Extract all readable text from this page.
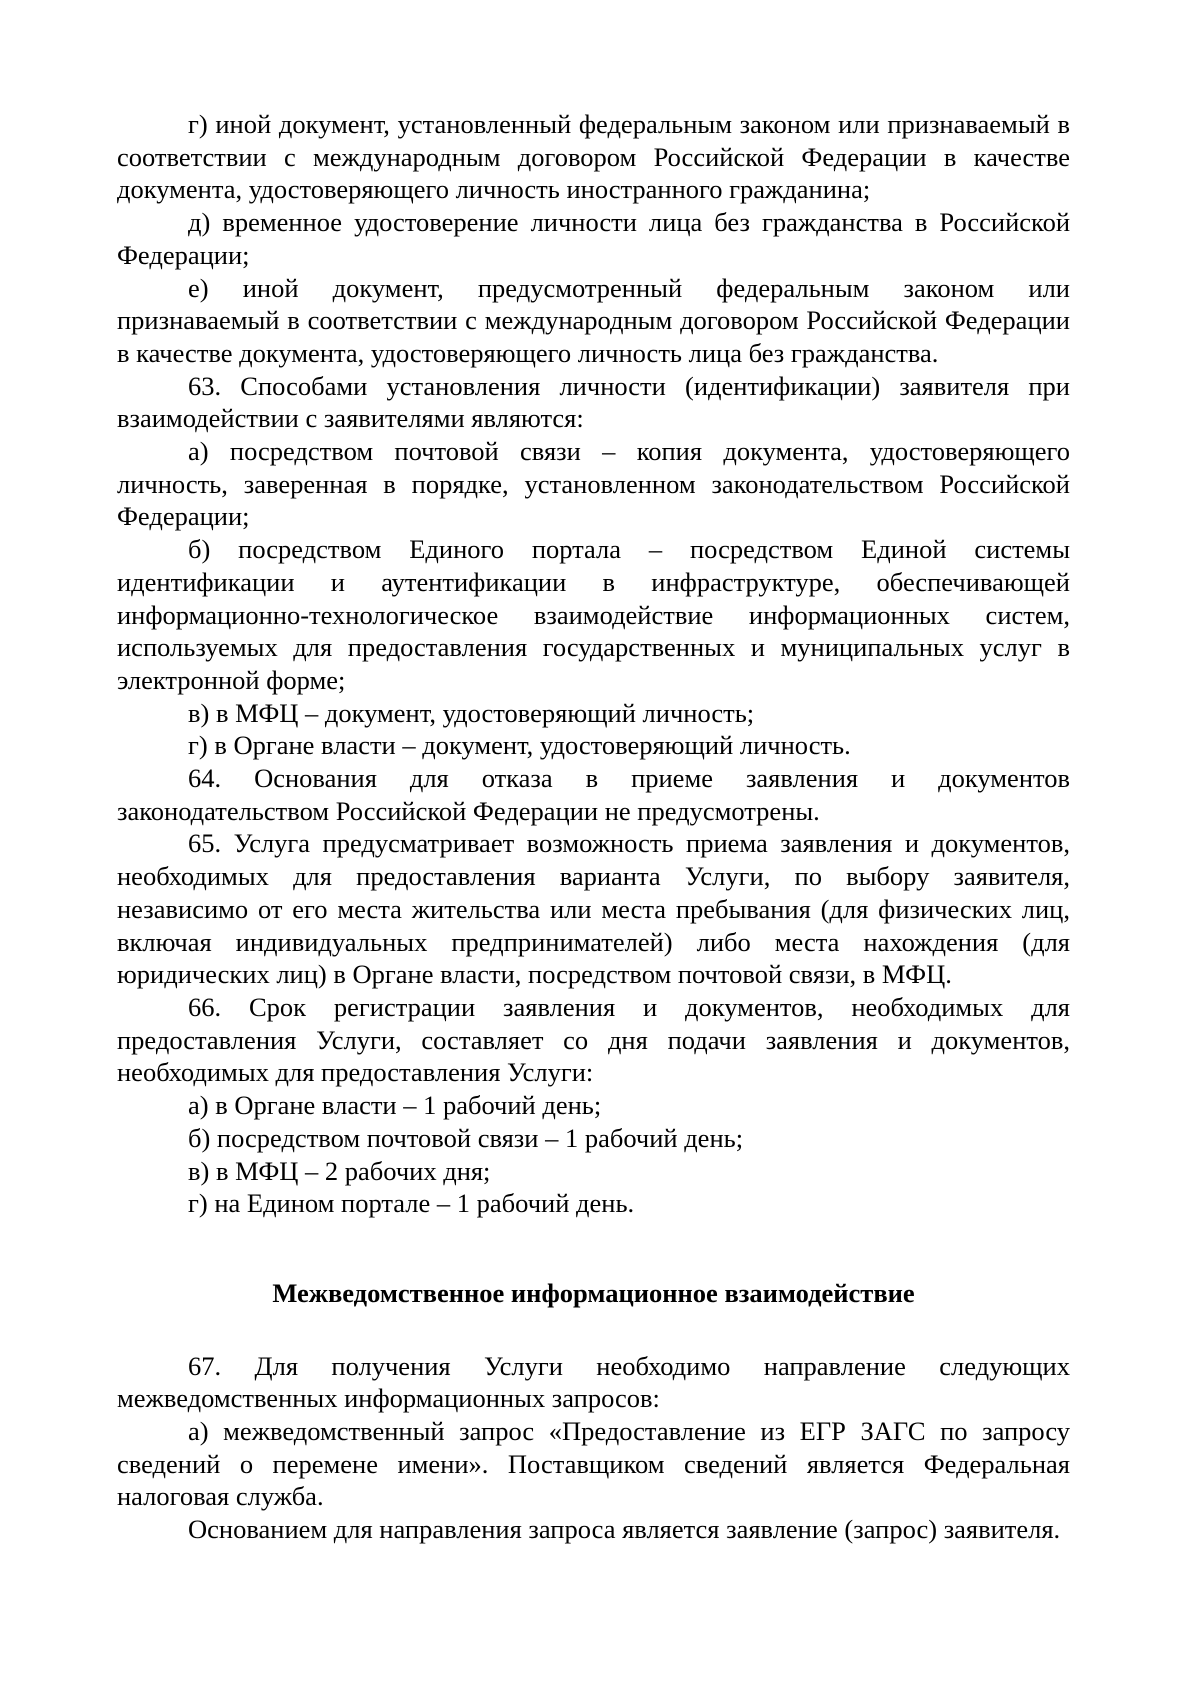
г) иной документ, установленный федеральным законом или признаваемый в соответствии с международным договором Российской Федерации в качестве документа, удостоверяющего личность иностранного гражданина;

д) временное удостоверение личности лица без гражданства в Российской Федерации;

е) иной документ, предусмотренный федеральным законом или признаваемый в соответствии с международным договором Российской Федерации в качестве документа, удостоверяющего личность лица без гражданства.

63. Способами установления личности (идентификации) заявителя при взаимодействии с заявителями являются:

а) посредством почтовой связи – копия документа, удостоверяющего личность, заверенная в порядке, установленном законодательством Российской Федерации;

б) посредством Единого портала – посредством Единой системы идентификации и аутентификации в инфраструктуре, обеспечивающей информационно-технологическое взаимодействие информационных систем, используемых для предоставления государственных и муниципальных услуг в электронной форме;

в) в МФЦ – документ, удостоверяющий личность;

г) в Органе власти – документ, удостоверяющий личность.

64. Основания для отказа в приеме заявления и документов законодательством Российской Федерации не предусмотрены.

65. Услуга предусматривает возможность приема заявления и документов, необходимых для предоставления варианта Услуги, по выбору заявителя, независимо от его места жительства или места пребывания (для физических лиц, включая индивидуальных предпринимателей) либо места нахождения (для юридических лиц) в Органе власти, посредством почтовой связи, в МФЦ.

66. Срок регистрации заявления и документов, необходимых для предоставления Услуги, составляет со дня подачи заявления и документов, необходимых для предоставления Услуги:

а) в Органе власти – 1 рабочий день;

б) посредством почтовой связи – 1 рабочий день;

в) в МФЦ – 2 рабочих дня;

г) на Едином портале – 1 рабочий день.

Межведомственное информационное взаимодействие

67. Для получения Услуги необходимо направление следующих межведомственных информационных запросов:

а) межведомственный запрос «Предоставление из ЕГР ЗАГС по запросу сведений о перемене имени». Поставщиком сведений является Федеральная налоговая служба.

Основанием для направления запроса является заявление (запрос) заявителя.
